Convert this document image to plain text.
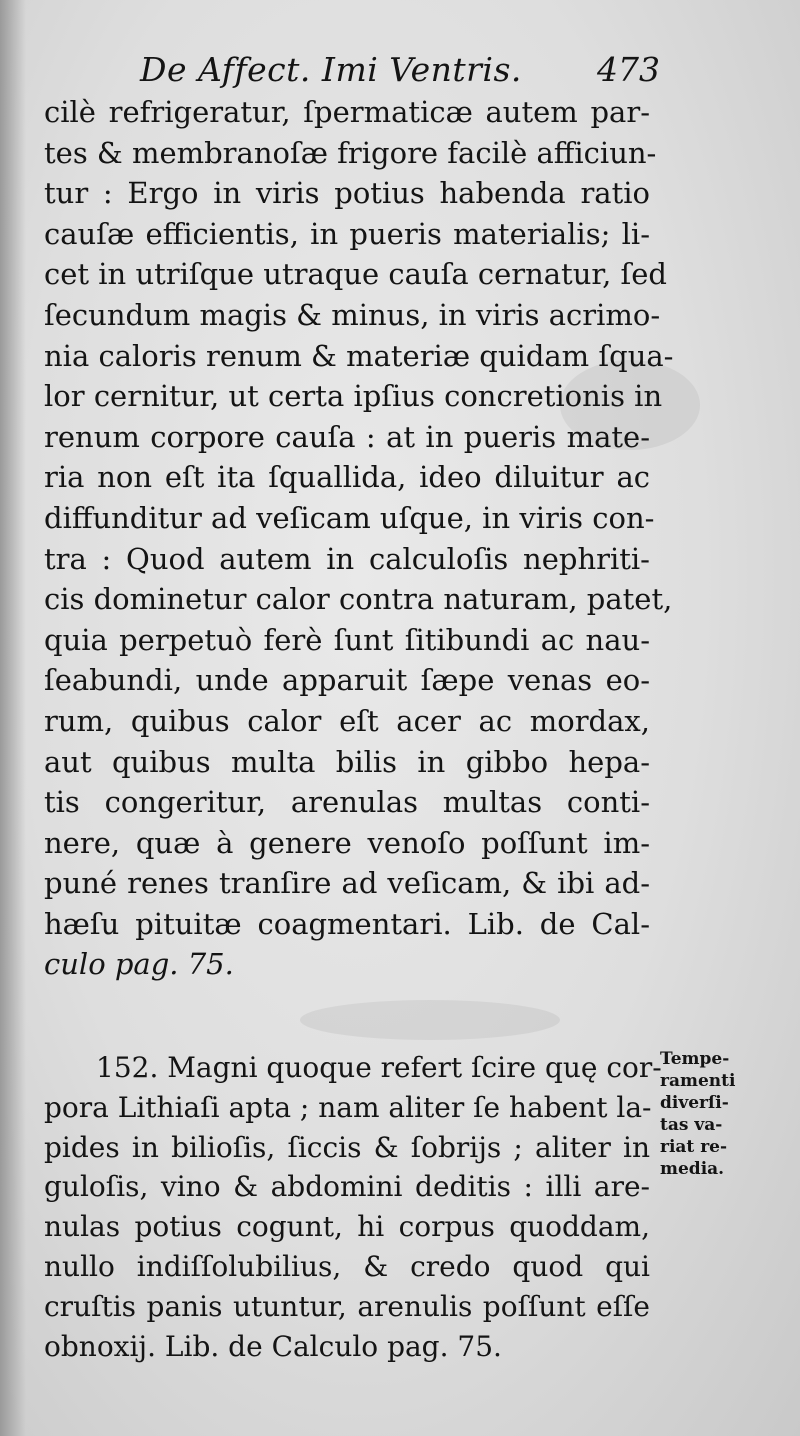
De Affect. Imi Ventris. 473
cilè refrigeratur, ſpermaticæ autem par-
tes & membranoſæ frigore facilè afficiun-
tur : Ergo in viris potius habenda ratio
cauſæ efficientis, in pueris materialis; li-
cet in utriſque utraque cauſa cernatur, ſed
ſecundum magis & minus, in viris acrimo-
nia caloris renum & materiæ quidam ſqua-
lor cernitur, ut certa ipſius concretionis in
renum corpore cauſa : at in pueris mate-
ria non eſt ita ſquallida, ideo diluitur ac
diffunditur ad veſicam uſque, in viris con-
tra : Quod autem in calculoſis nephriti-
cis dominetur calor contra naturam, patet,
quia perpetuò ferè ſunt ſitibundi ac nau-
ſeabundi, unde apparuit ſæpe venas eo-
rum, quibus calor eſt acer ac mordax,
aut quibus multa bilis in gibbo hepa-
tis congeritur, arenulas multas conti-
nere, quæ à genere venoſo poſſunt im-
puné renes tranſire ad veſicam, & ibi ad-
hæſu pituitæ coagmentari. Lib. de Cal-
culo pag. 75.
152. Magni quoque refert ſcire quę cor-
pora Lithiaſi apta ; nam aliter ſe habent la-
pides in bilioſis, ſiccis & ſobrijs ; aliter in
guloſis, vino & abdomini deditis : illi are-
nulas potius cogunt, hi corpus quoddam,
nullo indiſſolubilius, & credo quod qui
cruſtis panis utuntur, arenulis poſſunt eſſe
obnoxij. Lib. de Calculo pag. 75.
Tempe-
ramenti
diverſi-
tas va-
riat re-
media.
